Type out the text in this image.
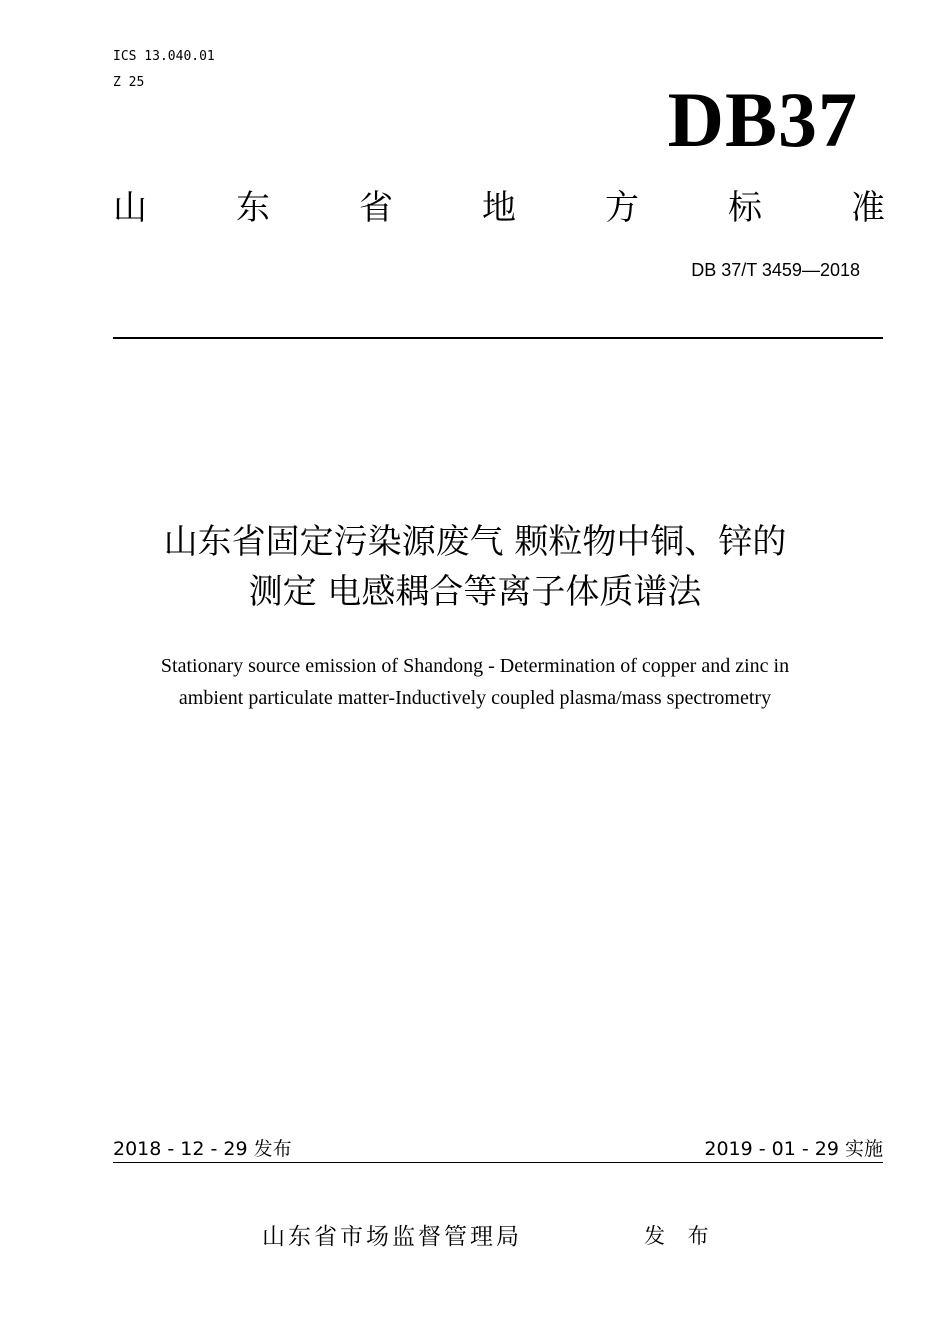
ICS 13.040.01
Z 25	DB37
山	东	省	地	方	标	准
DB 37/T 3459—2018
山东省固定污染源废气 颗粒物中铜、锌的
测定 电感耦合等离子体质谱法
Stationary source emission of Shandong - Determination of copper and zinc in
ambient particulate matter-Inductively coupled plasma/mass spectrometry
2018 - 12 - 29 发布	2019 - 01 - 29 实施
山东省市场监督管理局	发 布
